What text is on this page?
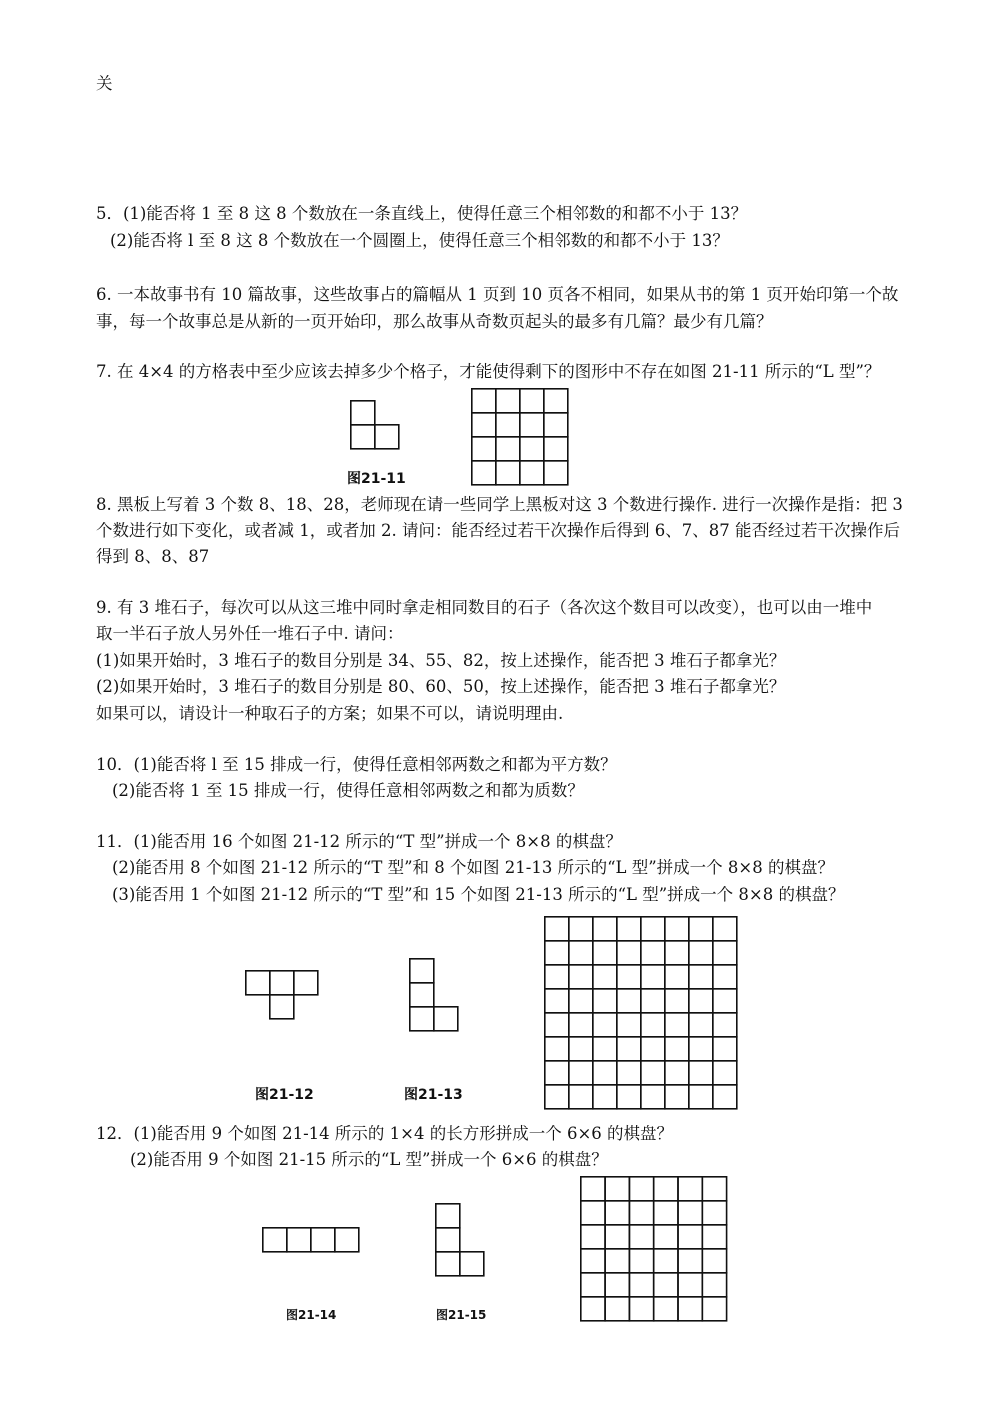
关
5．(1)能否将 1 至 8 这 8 个数放在一条直线上，使得任意三个相邻数的和都不小于 13？
(2)能否将 l 至 8 这 8 个数放在一个圆圈上，使得任意三个相邻数的和都不小于 13？
6. 一本故事书有 10 篇故事，这些故事占的篇幅从 1 页到 10 页各不相同，如果从书的第 1 页开始印第一个故
事，每一个故事总是从新的一页开始印，那么故事从奇数页起头的最多有几篇？最少有几篇？
7. 在 4×4 的方格表中至少应该去掉多少个格子，才能使得剩下的图形中不存在如图 21-11 所示的“L 型”？
图21-11
8. 黑板上写着 3 个数 8、18、28，老师现在请一些同学上黑板对这 3 个数进行操作. 进行一次操作是指：把 3
个数进行如下变化，或者减 1，或者加 2. 请问：能否经过若干次操作后得到 6、7、87 能否经过若干次操作后
得到 8、8、87
9. 有 3 堆石子，每次可以从这三堆中同时拿走相同数目的石子（各次这个数目可以改变），也可以由一堆中
取一半石子放人另外任一堆石子中. 请问：
(1)如果开始时，3 堆石子的数目分别是 34、55、82，按上述操作，能否把 3 堆石子都拿光？
(2)如果开始时，3 堆石子的数目分别是 80、60、50，按上述操作，能否把 3 堆石子都拿光？
如果可以，请设计一种取石子的方案；如果不可以，请说明理由.
10．(1)能否将 l 至 15 排成一行，使得任意相邻两数之和都为平方数？
(2)能否将 1 至 15 排成一行，使得任意相邻两数之和都为质数？
11．(1)能否用 16 个如图 21-12 所示的“T 型”拼成一个 8×8 的棋盘？
(2)能否用 8 个如图 21-12 所示的“T 型”和 8 个如图 21-13 所示的“L 型”拼成一个 8×8 的棋盘？
(3)能否用 1 个如图 21-12 所示的“T 型”和 15 个如图 21-13 所示的“L 型”拼成一个 8×8 的棋盘？
图21-12	图21-13
12．(1)能否用 9 个如图 21-14 所示的 1×4 的长方形拼成一个 6×6 的棋盘？
(2)能否用 9 个如图 21-15 所示的“L 型”拼成一个 6×6 的棋盘？
图21-14	图21-15
